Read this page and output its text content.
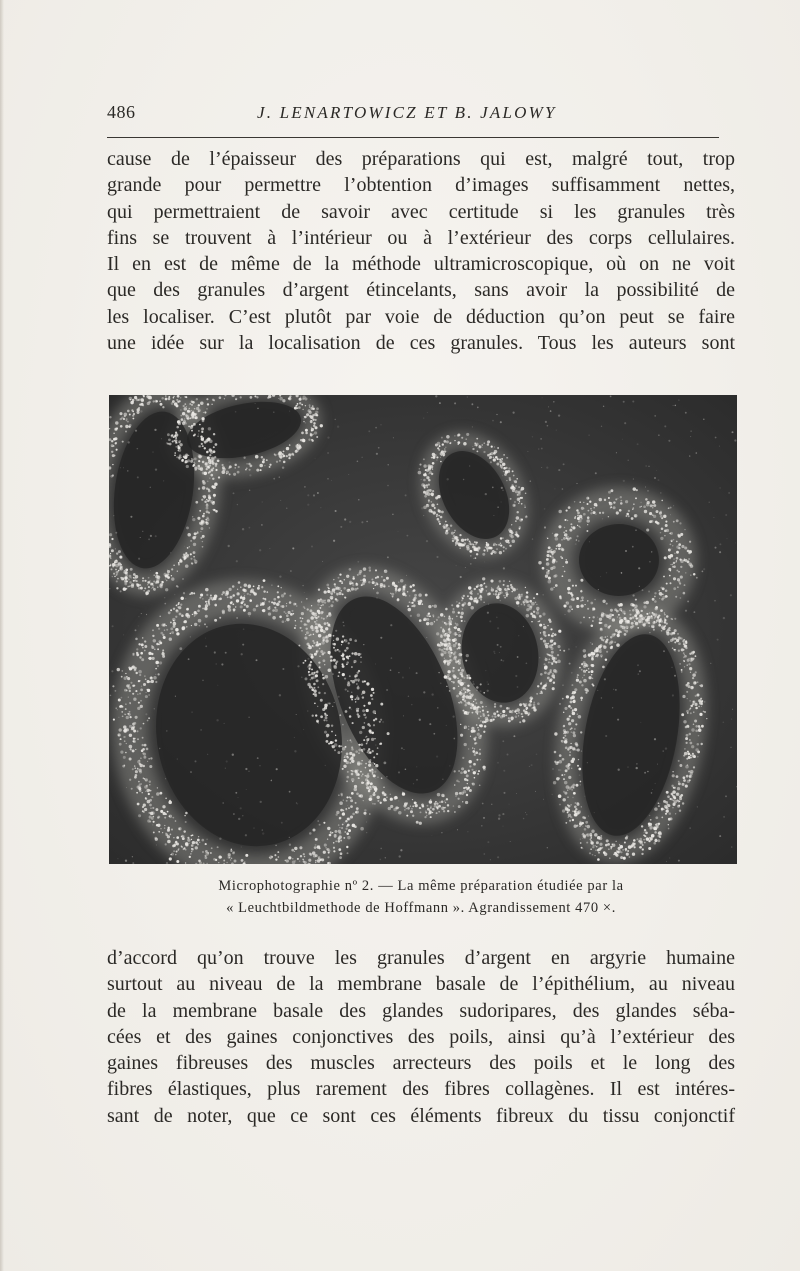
486	J. LENARTOWICZ ET B. JALOWY
cause de l’épaisseur des préparations qui est, malgré tout, trop
grande pour permettre l’obtention d’images suffisamment nettes,
qui permettraient de savoir avec certitude si les granules très
fins se trouvent à l’intérieur ou à l’extérieur des corps cellulaires.
Il en est de même de la méthode ultramicroscopique, où on ne voit
que des granules d’argent étincelants, sans avoir la possibilité de
les localiser. C’est plutôt par voie de déduction qu’on peut se faire
une idée sur la localisation de ces granules. Tous les auteurs sont
Microphotographie nº 2. — La même préparation étudiée par la
« Leuchtbildmethode de Hoffmann ». Agrandissement 470 ×.
d’accord qu’on trouve les granules d’argent en argyrie humaine
surtout au niveau de la membrane basale de l’épithélium, au niveau
de la membrane basale des glandes sudoripares, des glandes séba-
cées et des gaines conjonctives des poils, ainsi qu’à l’extérieur des
gaines fibreuses des muscles arrecteurs des poils et le long des
fibres élastiques, plus rarement des fibres collagènes. Il est intéres-
sant de noter, que ce sont ces éléments fibreux du tissu conjonctif
